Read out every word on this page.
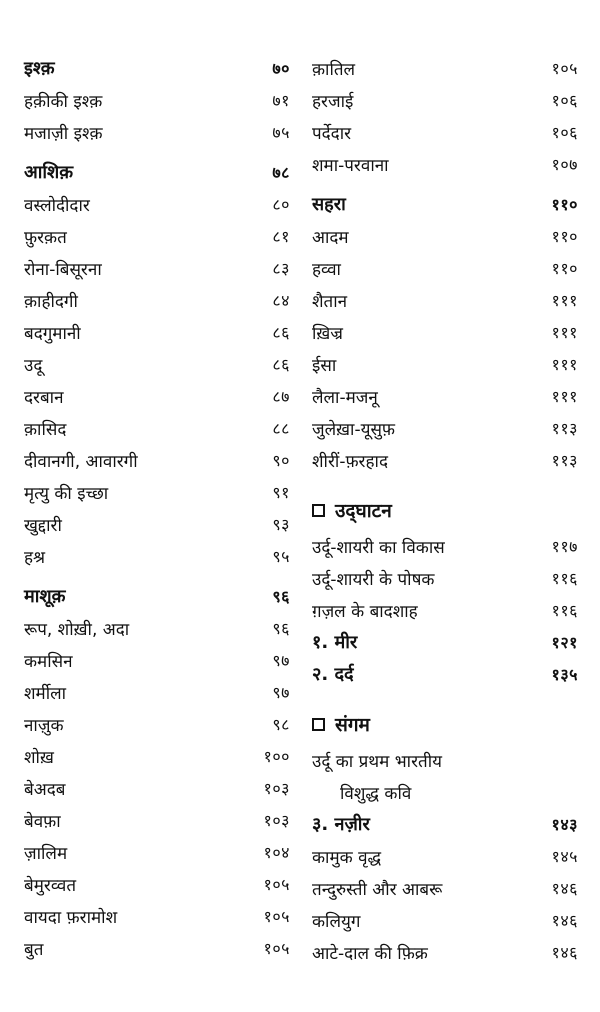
इश्क़	७०
हक़ीकी इश्क़	७१
मजाज़ी इश्क़	७५
आशिक़	७८
वस्लोदीदार	८०
फ़ुरक़त	८१
रोना-बिसूरना	८३
क़ाहीदगी	८४
बदगुमानी	८६
उदू	८६
दरबान	८७
क़ासिद	८८
दीवानगी, आवारगी	९०
मृत्यु की इच्छा	९१
खुद्दारी	९३
हश्र	९५
माशूक़	९६
रूप, शोख़ी, अदा	९६
कमसिन	९७
शर्मीला	९७
नाज़ुक	९८
शोख़	१००
बेअदब	१०३
बेवफ़ा	१०३
ज़ालिम	१०४
बेमुरव्वत	१०५
वायदा फ़रामोश	१०५
बुत	१०५
क़ातिल	१०५
हरजाई	१०६
पर्देदार	१०६
शमा-परवाना	१०७
सहरा	११०
आदम	११०
हव्वा	११०
शैतान	१११
ख़िज्र	१११
ईसा	१११
लैला-मजनू	१११
जुलेख़ा-यूसुफ़	११३
शीरीं-फ़रहाद	११३
उद्‍घाटन
उर्दू-शायरी का विकास	११७
उर्दू-शायरी के पोषक	११६
ग़ज़ल के बादशाह	११६
१. मीर	१२१
२. दर्द	१३५
संगम
उर्दू का प्रथम भारतीय
विशुद्ध कवि
३. नज़ीर	१४३
कामुक वृद्ध	१४५
तन्दुरुस्ती और आबरू	१४६
कलियुग	१४६
आटे-दाल की फ़िक्र	१४६
